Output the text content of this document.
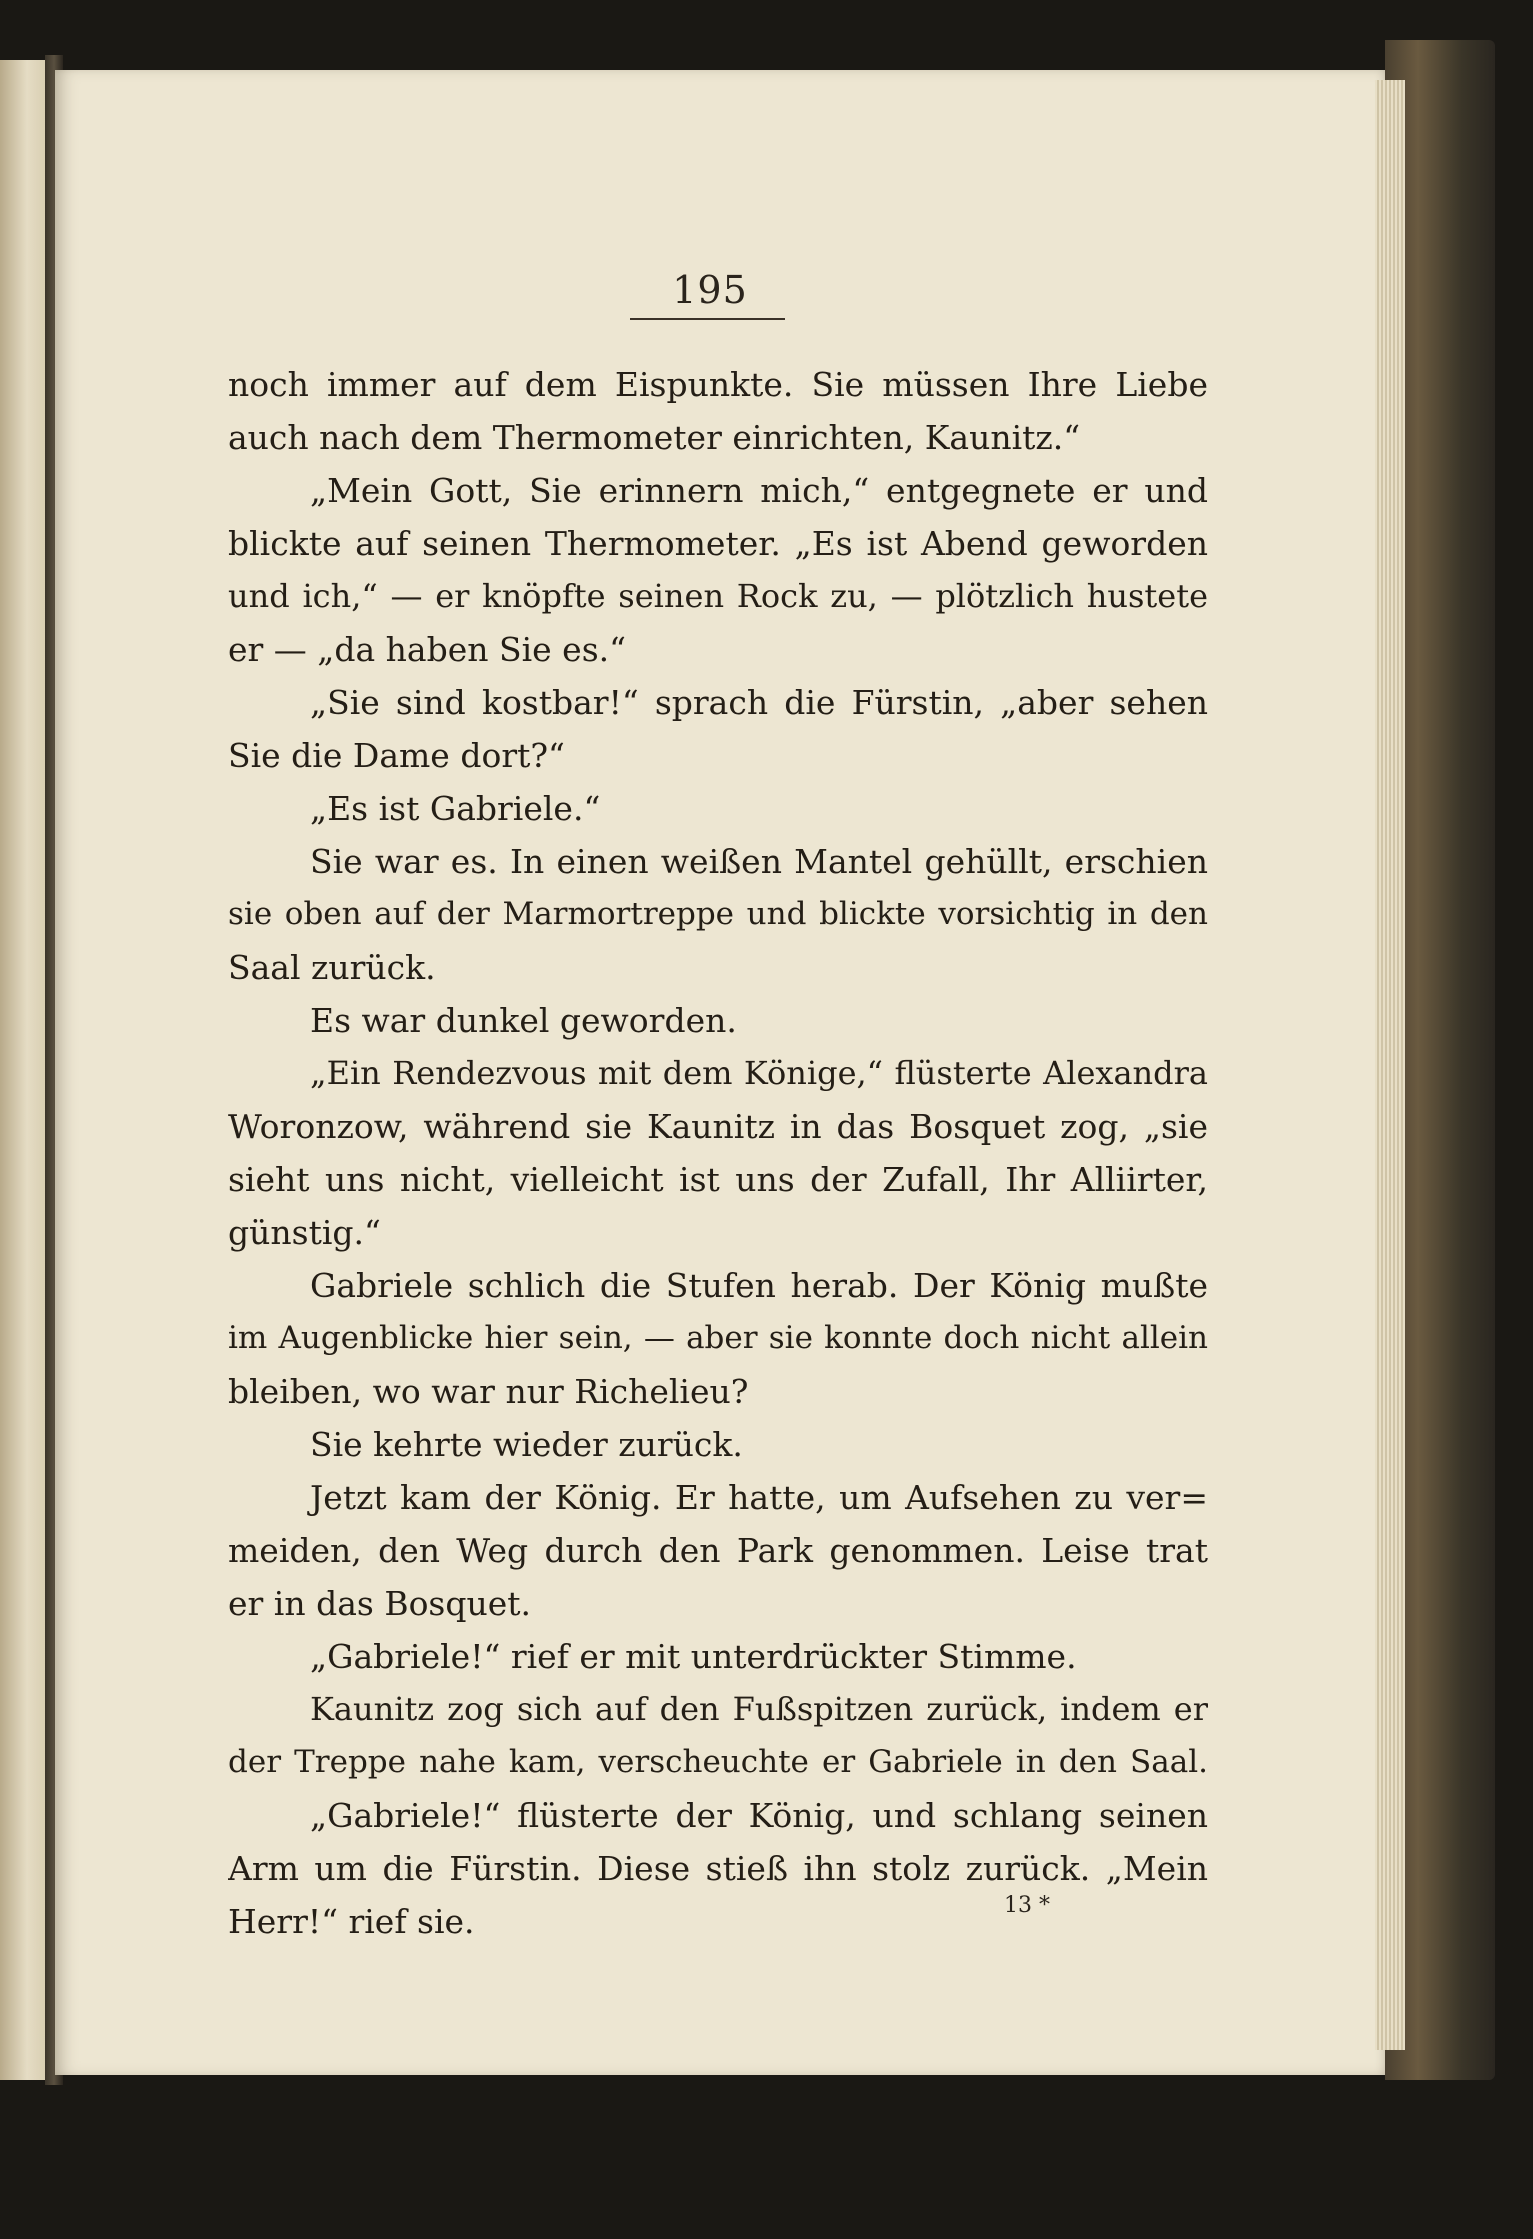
195
noch immer auf dem Eispunkte. Sie müssen Ihre Liebe
auch nach dem Thermometer einrichten, Kaunitz.“
„Mein Gott, Sie erinnern mich,“ entgegnete er und
blickte auf seinen Thermometer. „Es ist Abend geworden
und ich,“ — er knöpfte seinen Rock zu, — plötzlich hustete
er — „da haben Sie es.“
„Sie sind kostbar!“ sprach die Fürstin, „aber sehen
Sie die Dame dort?“
„Es ist Gabriele.“
Sie war es. In einen weißen Mantel gehüllt, erschien
sie oben auf der Marmortreppe und blickte vorsichtig in den
Saal zurück.
Es war dunkel geworden.
„Ein Rendezvous mit dem Könige,“ flüsterte Alexandra
Woronzow, während sie Kaunitz in das Bosquet zog, „sie
sieht uns nicht, vielleicht ist uns der Zufall, Ihr Alliirter,
günstig.“
Gabriele schlich die Stufen herab. Der König mußte
im Augenblicke hier sein, — aber sie konnte doch nicht allein
bleiben, wo war nur Richelieu?
Sie kehrte wieder zurück.
Jetzt kam der König. Er hatte, um Aufsehen zu ver=
meiden, den Weg durch den Park genommen. Leise trat
er in das Bosquet.
„Gabriele!“ rief er mit unterdrückter Stimme.
Kaunitz zog sich auf den Fußspitzen zurück, indem er
der Treppe nahe kam, verscheuchte er Gabriele in den Saal.
„Gabriele!“ flüsterte der König, und schlang seinen
Arm um die Fürstin. Diese stieß ihn stolz zurück. „Mein
Herr!“ rief sie.	13 *
